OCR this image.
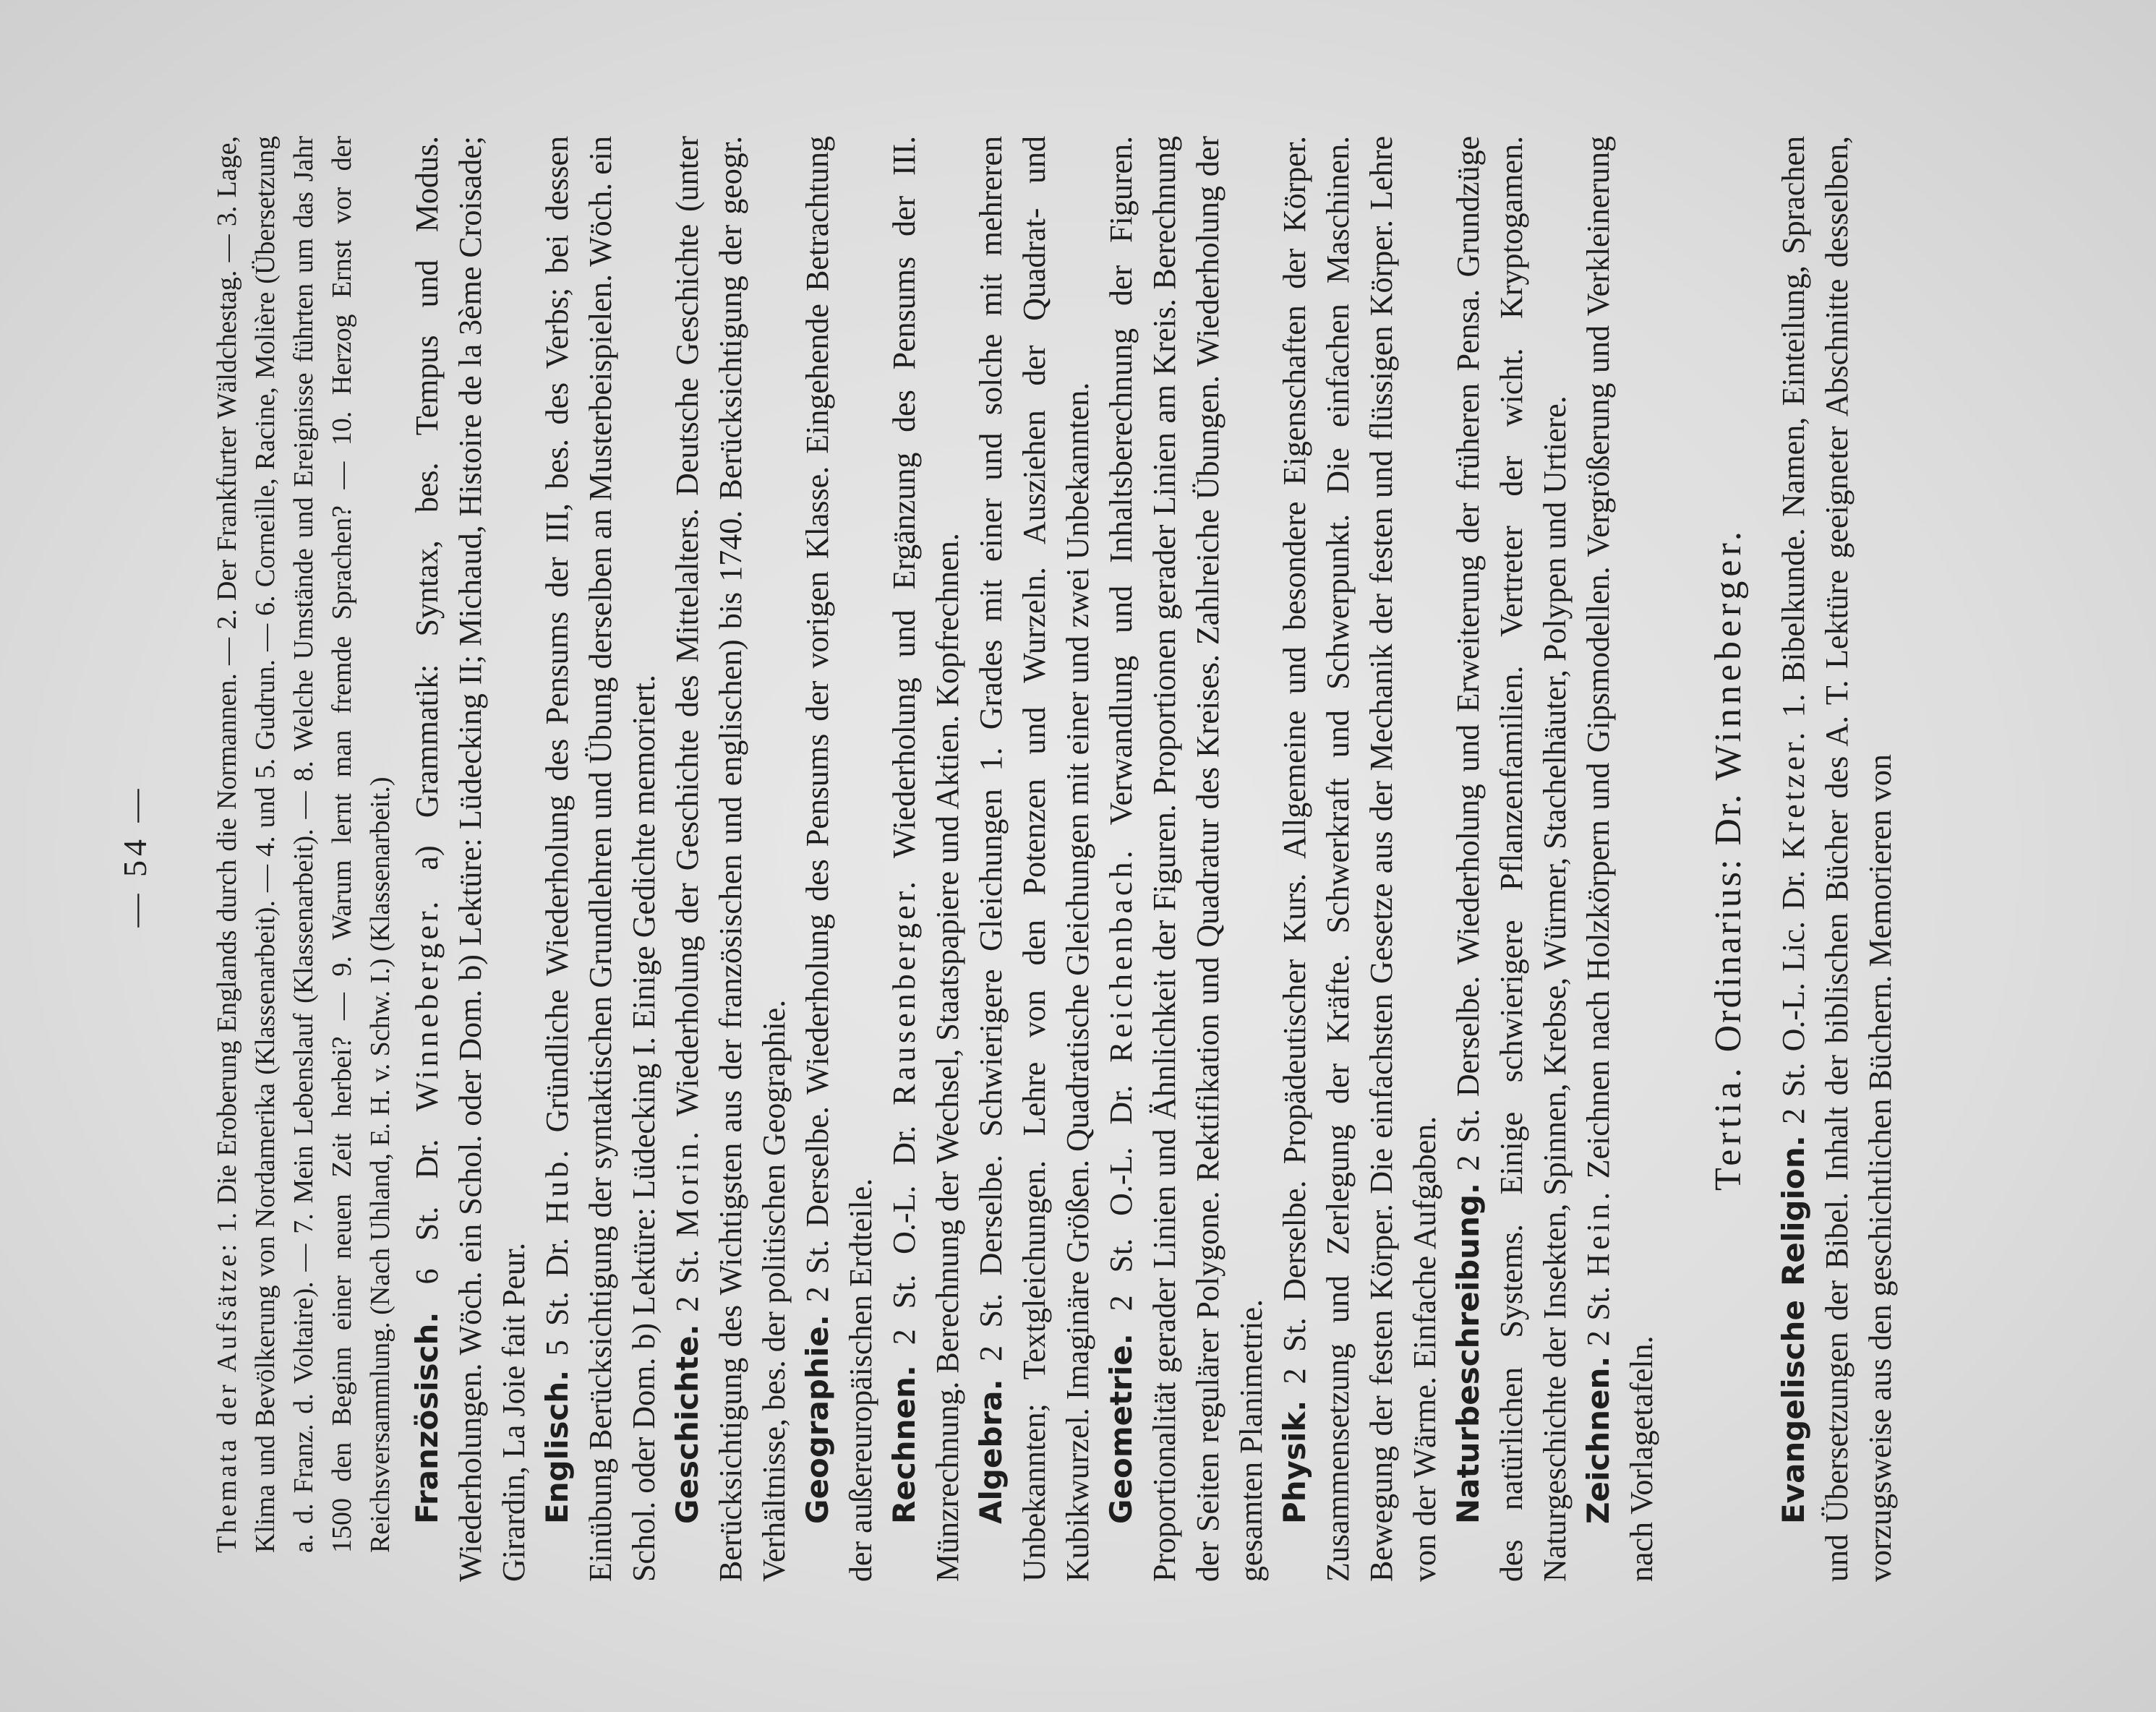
— 54 —

Themata der Aufsätze: 1. Die Eroberung Englands durch die Normannen. — 2. Der Frankfurter Wäldchestag. — 3. Lage, Klima und Bevölkerung von Nordamerika (Klassenarbeit). — 4. und 5. Gudrun. — 6. Corneille, Racine, Molière (Übersetzung a. d. Franz. d. Voltaire). — 7. Mein Lebenslauf (Klassenarbeit). — 8. Welche Umstände und Ereignisse führten um das Jahr 1500 den Beginn einer neuen Zeit herbei? — 9. Warum lernt man fremde Sprachen? — 10. Herzog Ernst vor der Reichsversammlung. (Nach Uhland, E. H. v. Schw. I.) (Klassenarbeit.) Französisch. 6 St. Dr. Winneberger. a) Grammatik: Syntax, bes. Tempus und Modus. Wiederholungen. Wöch. ein Schol. oder Dom. b) Lektüre: Lüdecking II; Michaud, Histoire de la 3ème Croisade; Girardin, La Joie fait Peur. Englisch. 5 St. Dr. Hub. Gründliche Wiederholung des Pensums der III, bes. des Verbs; bei dessen Einübung Berücksichtigung der syntaktischen Grundlehren und Übung derselben an Musterbeispielen. Wöch. ein Schol. oder Dom. b) Lektüre: Lüdecking I. Einige Gedichte memoriert. Geschichte. 2 St. Morin. Wiederholung der Geschichte des Mittelalters. Deutsche Geschichte (unter Berücksichtigung des Wichtigsten aus der französischen und englischen) bis 1740. Berücksichtigung der geogr. Verhältnisse, bes. der politischen Geographie. Geographie. 2 St. Derselbe. Wiederholung des Pensums der vorigen Klasse. Eingehende Betrachtung der außereuropäischen Erdteile. Rechnen. 2 St. O.-L. Dr. Rausenberger. Wiederholung und Ergänzung des Pensums der III. Münzrechnung. Berechnung der Wechsel, Staatspapiere und Aktien. Kopfrechnen. Algebra. 2 St. Derselbe. Schwierigere Gleichungen 1. Grades mit einer und solche mit mehreren Unbekannten; Textgleichungen. Lehre von den Potenzen und Wurzeln. Ausziehen der Quadrat- und Kubikwurzel. Imaginäre Größen. Quadratische Gleichungen mit einer und zwei Unbekannten. Geometrie. 2 St. O.-L. Dr. Reichenbach. Verwandlung und Inhaltsberechnung der Figuren. Proportionalität gerader Linien und Ähnlichkeit der Figuren. Proportionen gerader Linien am Kreis. Berechnung der Seiten regulärer Polygone. Rektifikation und Quadratur des Kreises. Zahlreiche Übungen. Wiederholung der gesamten Planimetrie. Physik. 2 St. Derselbe. Propädeutischer Kurs. Allgemeine und besondere Eigenschaften der Körper. Zusammensetzung und Zerlegung der Kräfte. Schwerkraft und Schwerpunkt. Die einfachen Maschinen. Bewegung der festen Körper. Die einfachsten Gesetze aus der Mechanik der festen und flüssigen Körper. Lehre von der Wärme. Einfache Aufgaben. Naturbeschreibung. 2 St. Derselbe. Wiederholung und Erweiterung der früheren Pensa. Grundzüge des natürlichen Systems. Einige schwierigere Pflanzenfamilien. Vertreter der wicht. Kryptogamen. Naturgeschichte der Insekten, Spinnen, Krebse, Würmer, Stachelhäuter, Polypen und Urtiere. Zeichnen. 2 St. Hein. Zeichnen nach Holzkörpern und Gipsmodellen. Vergrößerung und Verkleinerung nach Vorlagetafeln.

Tertia. Ordinarius: Dr. Winneberger.

Evangelische Religion. 2 St. O.-L. Lic. Dr. Kretzer. 1. Bibelkunde. Namen, Einteilung, Sprachen und Übersetzungen der Bibel. Inhalt der biblischen Bücher des A. T. Lektüre geeigneter Abschnitte desselben, vorzugsweise aus den geschichtlichen Büchern. Memorieren von
